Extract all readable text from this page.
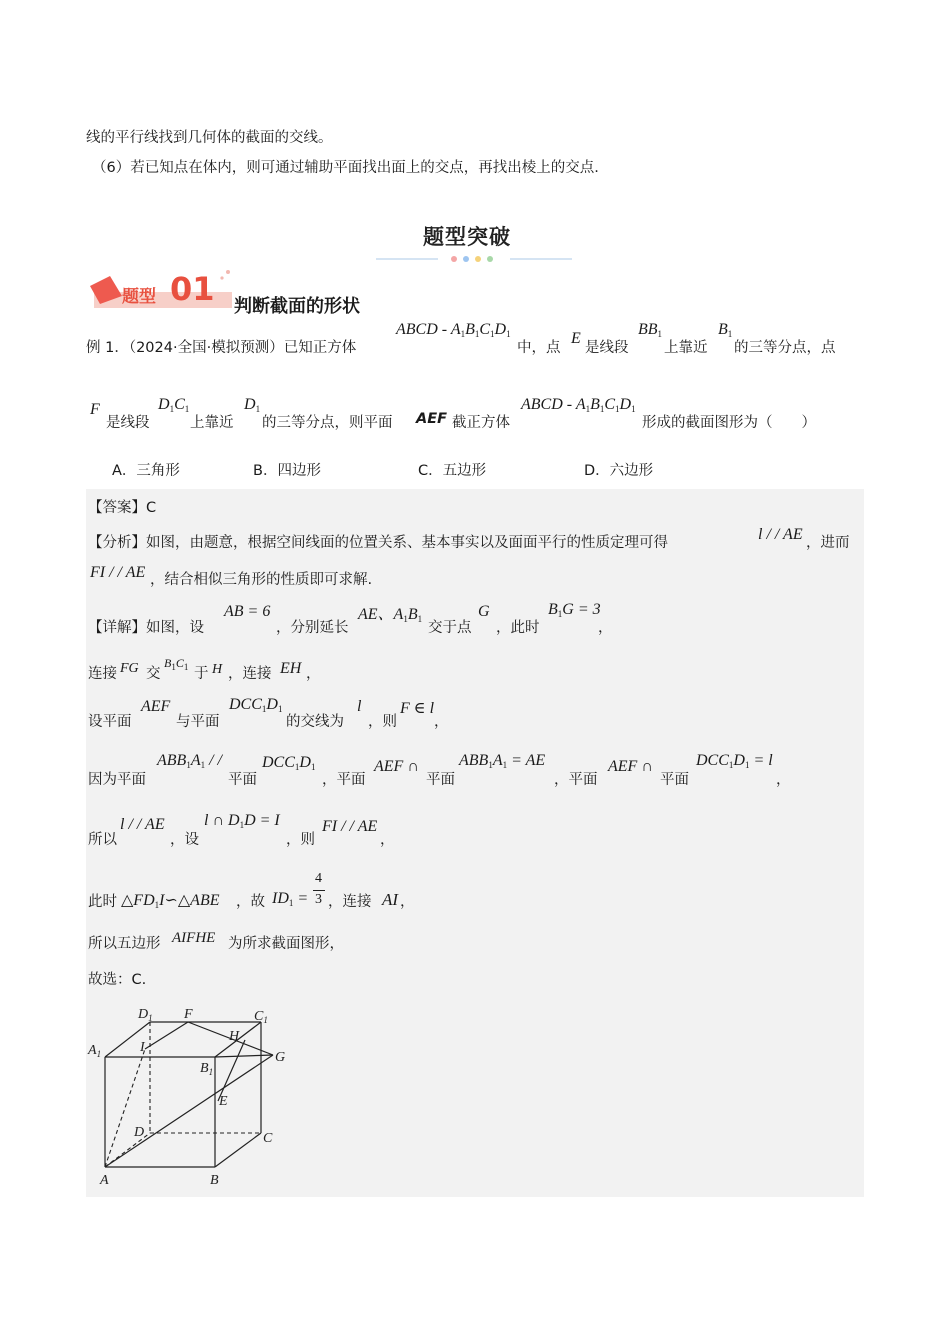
线的平行线找到几何体的截面的交线。
（6）若已知点在体内，则可通过辅助平面找出面上的交点，再找出棱上的交点.
题型突破
题型 01 判断截面的形状
例 1．（2024·全国·模拟预测）已知正方体
ABCD - $A_1B_1C_1D_1$
中，点
E
是线段
$BB_1$
上靠近
$B_1$
的三等分点，点
F
是线段
$D_1C_1$
上靠近
$D_1$
的三等分点，则平面 AEF 截正方体
ABCD - $A_1B_1C_1D_1$
形成的截面图形为（　　）
A．三角形	B．四边形	C．五边形	D．六边形
【答案】C
【分析】如图，由题意，根据空间线面的位置关系、基本事实以及面面平行的性质定理可得	l / / AE ，进而
FI / / AE ，结合相似三角形的性质即可求解.
【详解】如图，设
AB = 6
，分别延长
AE、$A_1B_1$
交于点
G
，此时
$B_1G = 3$
，
连接 FG 交
$B_1C_1$ 于 H ，连接 EH ，
设平面
AEF
与平面
$DCC_1D_1$
的交线为
l
，则
F ∈ l
，
因为平面
$ABB_1A_1$ / /
平面
$DCC_1D_1$
，平面
AEF ∩
平面
$ABB_1A_1$ = AE
，平面
AEF ∩
平面
$DCC_1D_1 = l$
，
所以
l / / AE
，设
l ∩ $D_1D = I$
，则
FI / / AE
，
此时 $\triangle FD_1I∽\triangle ABE$ ，故 $ID_1$ =
4
3 ，连接 AI ，
所以五边形 AIFHE 为所求截面图形，
故选：C.
$D_1$ F	$C_1$
$A_1$	I
H
G
$B_1$
E
D	C
A	B
